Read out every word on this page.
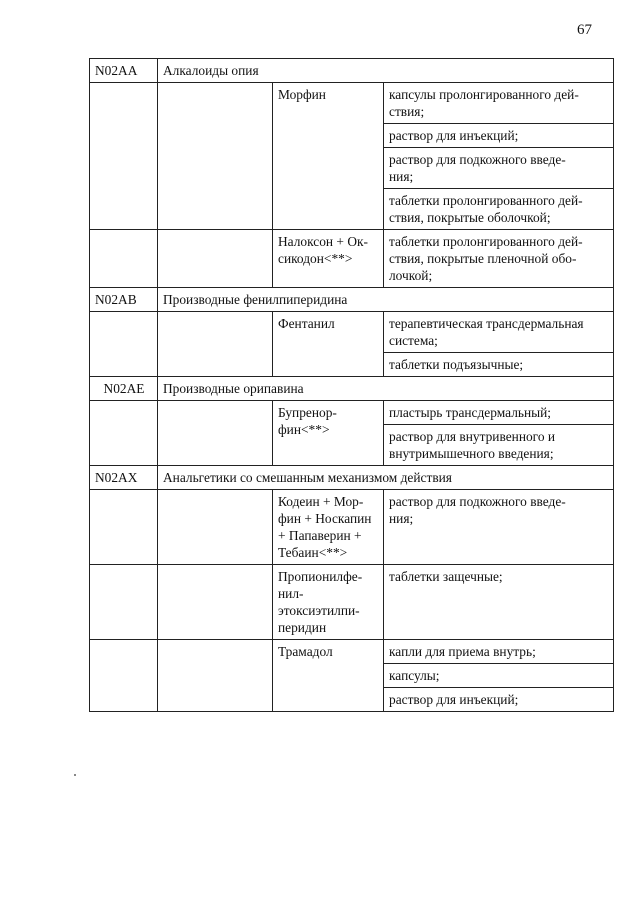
67
N02AA	Алкалоиды опия		
		Морфин	капсулы пролонгированного дей-
ствия;
			раствор для инъекций;
			раствор для подкожного введе-
ния;
			таблетки пролонгированного дей-
ствия, покрытые оболочкой;
		Налоксон + Ок-
сикодон<**>	таблетки пролонгированного дей-
ствия, покрытые пленочной обо-
лочкой;
N02AB	Производные фенилпиперидина		
		Фентанил	терапевтическая трансдермальная
система;
			таблетки подъязычные;
N02AE	Производные орипавина		
		Бупренор-
фин<**>	пластырь трансдермальный;
			раствор для внутривенного и
внутримышечного введения;
N02AX	Анальгетики со смешанным механизмом действия		
		Кодеин + Мор-
фин + Носкапин
+ Папаверин +
Тебаин<**>	раствор для подкожного введе-
ния;
		Пропионилфе-
нил-
этоксиэтилпи-
перидин	таблетки защечные;
		Трамадол	капли для приема внутрь;
			капсулы;
			раствор для инъекций;
